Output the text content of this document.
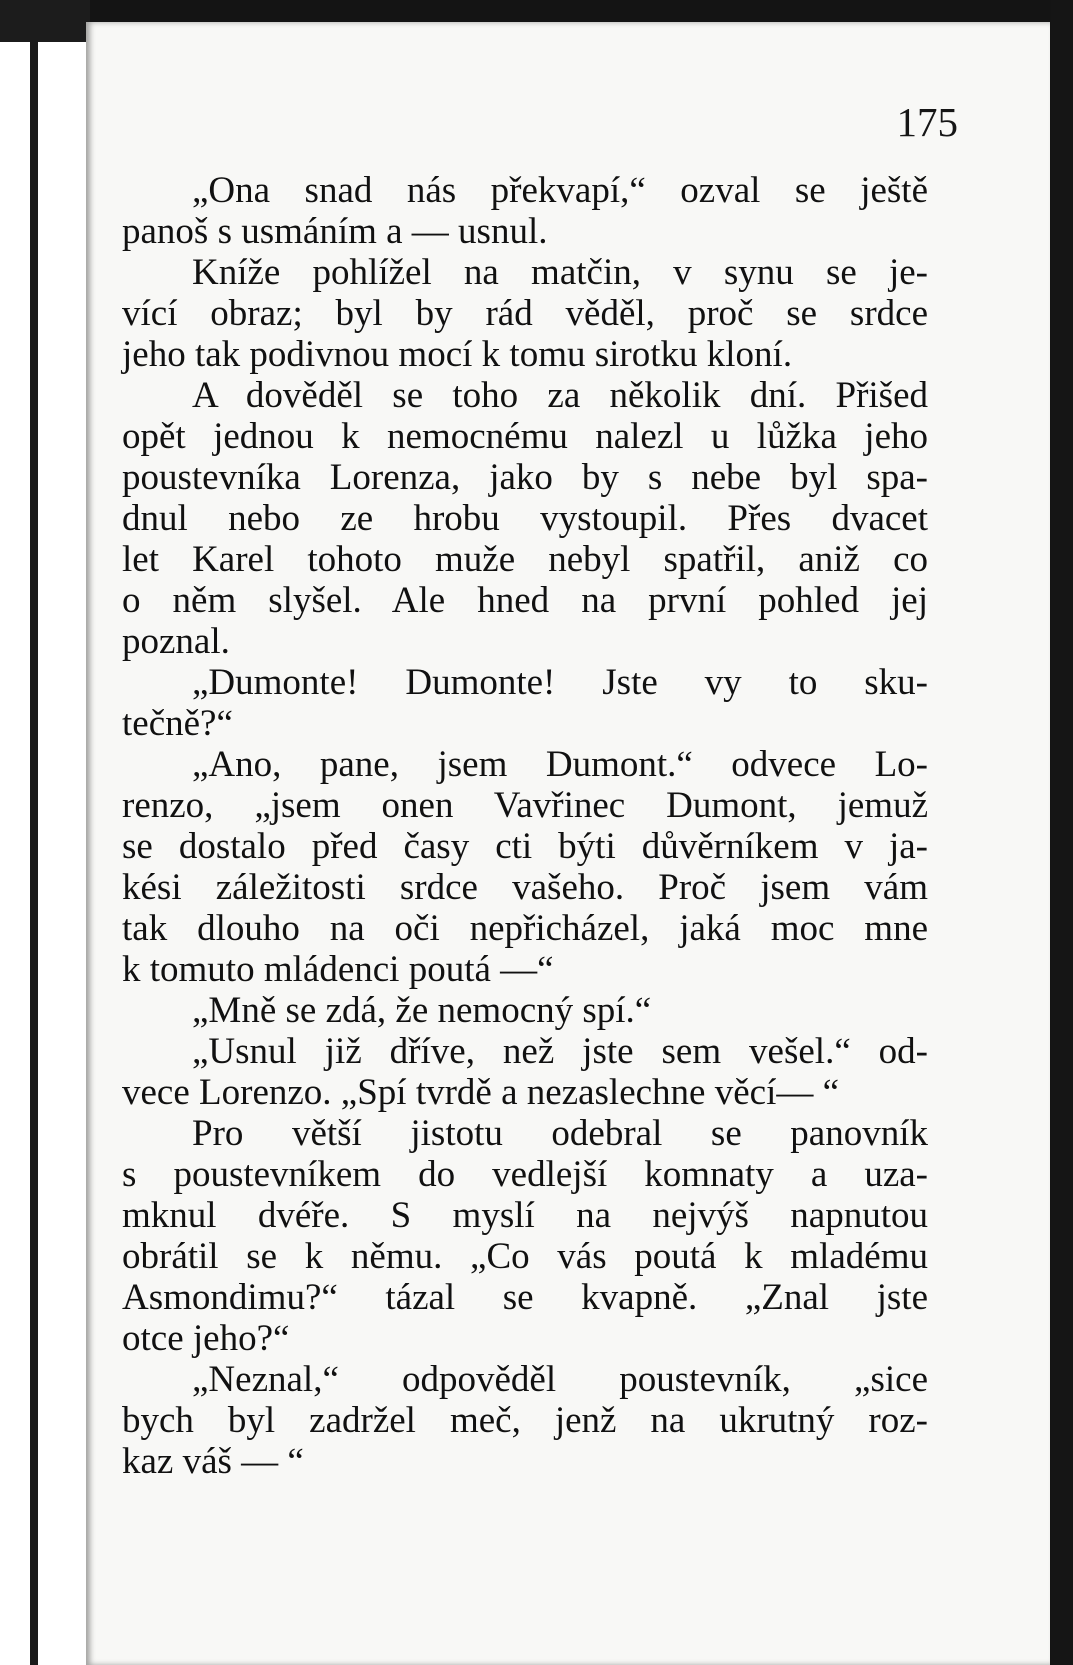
175
„Ona snad nás překvapí,“ ozval se ještě
panoš s usmáním a — usnul.
Kníže pohlížel na matčin, v synu se je-
vící obraz; byl by rád věděl, proč se srdce
jeho tak podivnou mocí k tomu sirotku kloní.
A dověděl se toho za několik dní. Přišed
opět jednou k nemocnému nalezl u lůžka jeho
poustevníka Lorenza, jako by s nebe byl spa-
dnul nebo ze hrobu vystoupil. Přes dvacet
let Karel tohoto muže nebyl spatřil, aniž co
o něm slyšel. Ale hned na první pohled jej
poznal.
„Dumonte! Dumonte! Jste vy to sku-
tečně?“
„Ano, pane, jsem Dumont.“ odvece Lo-
renzo, „jsem onen Vavřinec Dumont, jemuž
se dostalo před časy cti býti důvěrníkem v ja-
kési záležitosti srdce vašeho. Proč jsem vám
tak dlouho na oči nepřicházel, jaká moc mne
k tomuto mládenci poutá —“
„Mně se zdá, že nemocný spí.“
„Usnul již dříve, než jste sem vešel.“ od-
vece Lorenzo. „Spí tvrdě a nezaslechne věcí— “
Pro větší jistotu odebral se panovník
s poustevníkem do vedlejší komnaty a uza-
mknul dvéře. S myslí na nejvýš napnutou
obrátil se k němu. „Co vás poutá k mladému
Asmondimu?“ tázal se kvapně. „Znal jste
otce jeho?“
„Neznal,“ odpověděl poustevník, „sice
bych byl zadržel meč, jenž na ukrutný roz-
kaz váš — “
